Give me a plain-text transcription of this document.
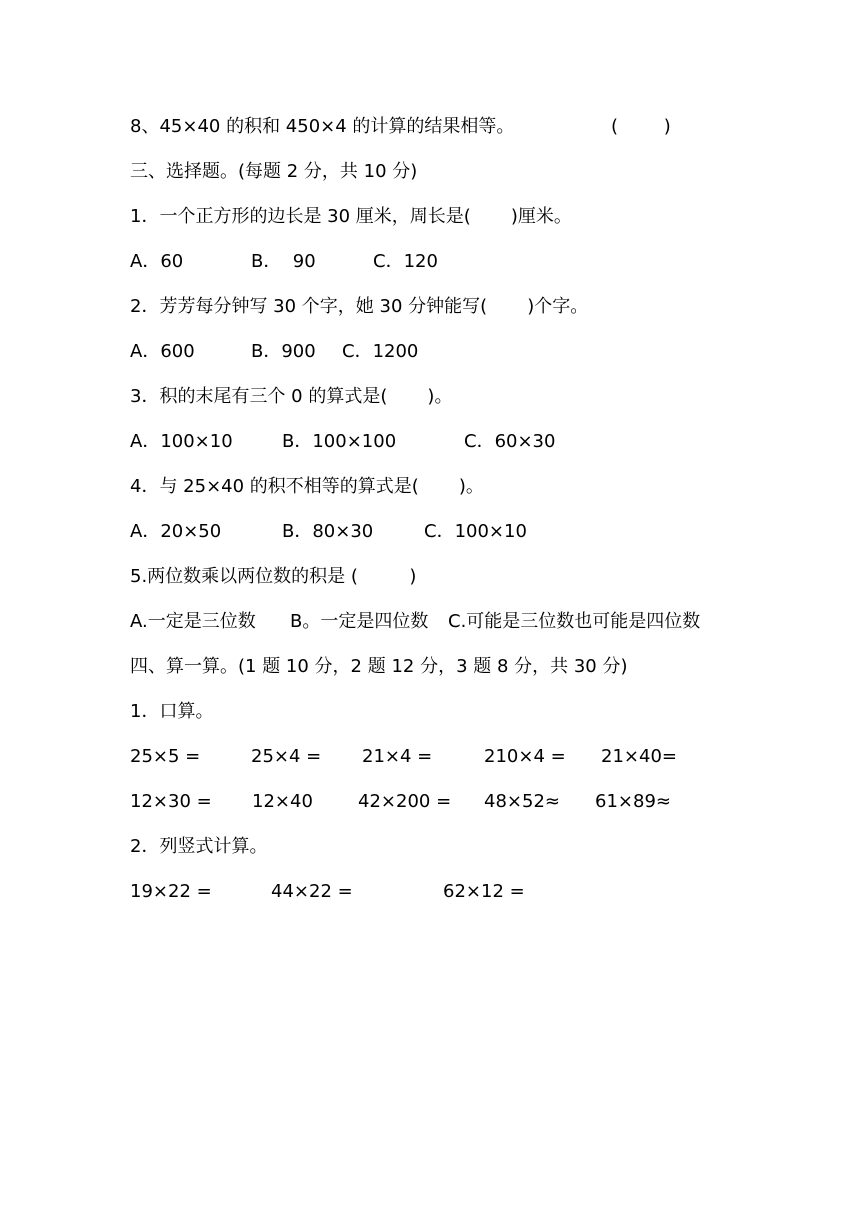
8、45×40 的积和 450×4 的计算的结果相等。	(        )
三、选择题。(每题 2 分，共 10 分)
1．一个正方形的边长是 30 厘米，周长是(       )厘米。
A．60	B．  90	C．120
2．芳芳每分钟写 30 个字，她 30 分钟能写(       )个字。
A．600	B．900 C．1200
3．积的末尾有三个 0 的算式是(       )。
A．100×10	B．100×100	C．60×30
4．与 25×40 的积不相等的算式是(       )。
A．20×50	B．80×30	C．100×10
5.两位数乘以两位数的积是 (         )
A.一定是三位数 B。一定是四位数 C.可能是三位数也可能是四位数
四、算一算。(1 题 10 分，2 题 12 分，3 题 8 分，共 30 分)
1．口算。
25×5 =	25×4 = 21×4 =	210×4 = 21×40=
12×30 = 12×40	42×200 = 48×52≈ 61×89≈
2．列竖式计算。
19×22 =	44×22 =	62×12 =
